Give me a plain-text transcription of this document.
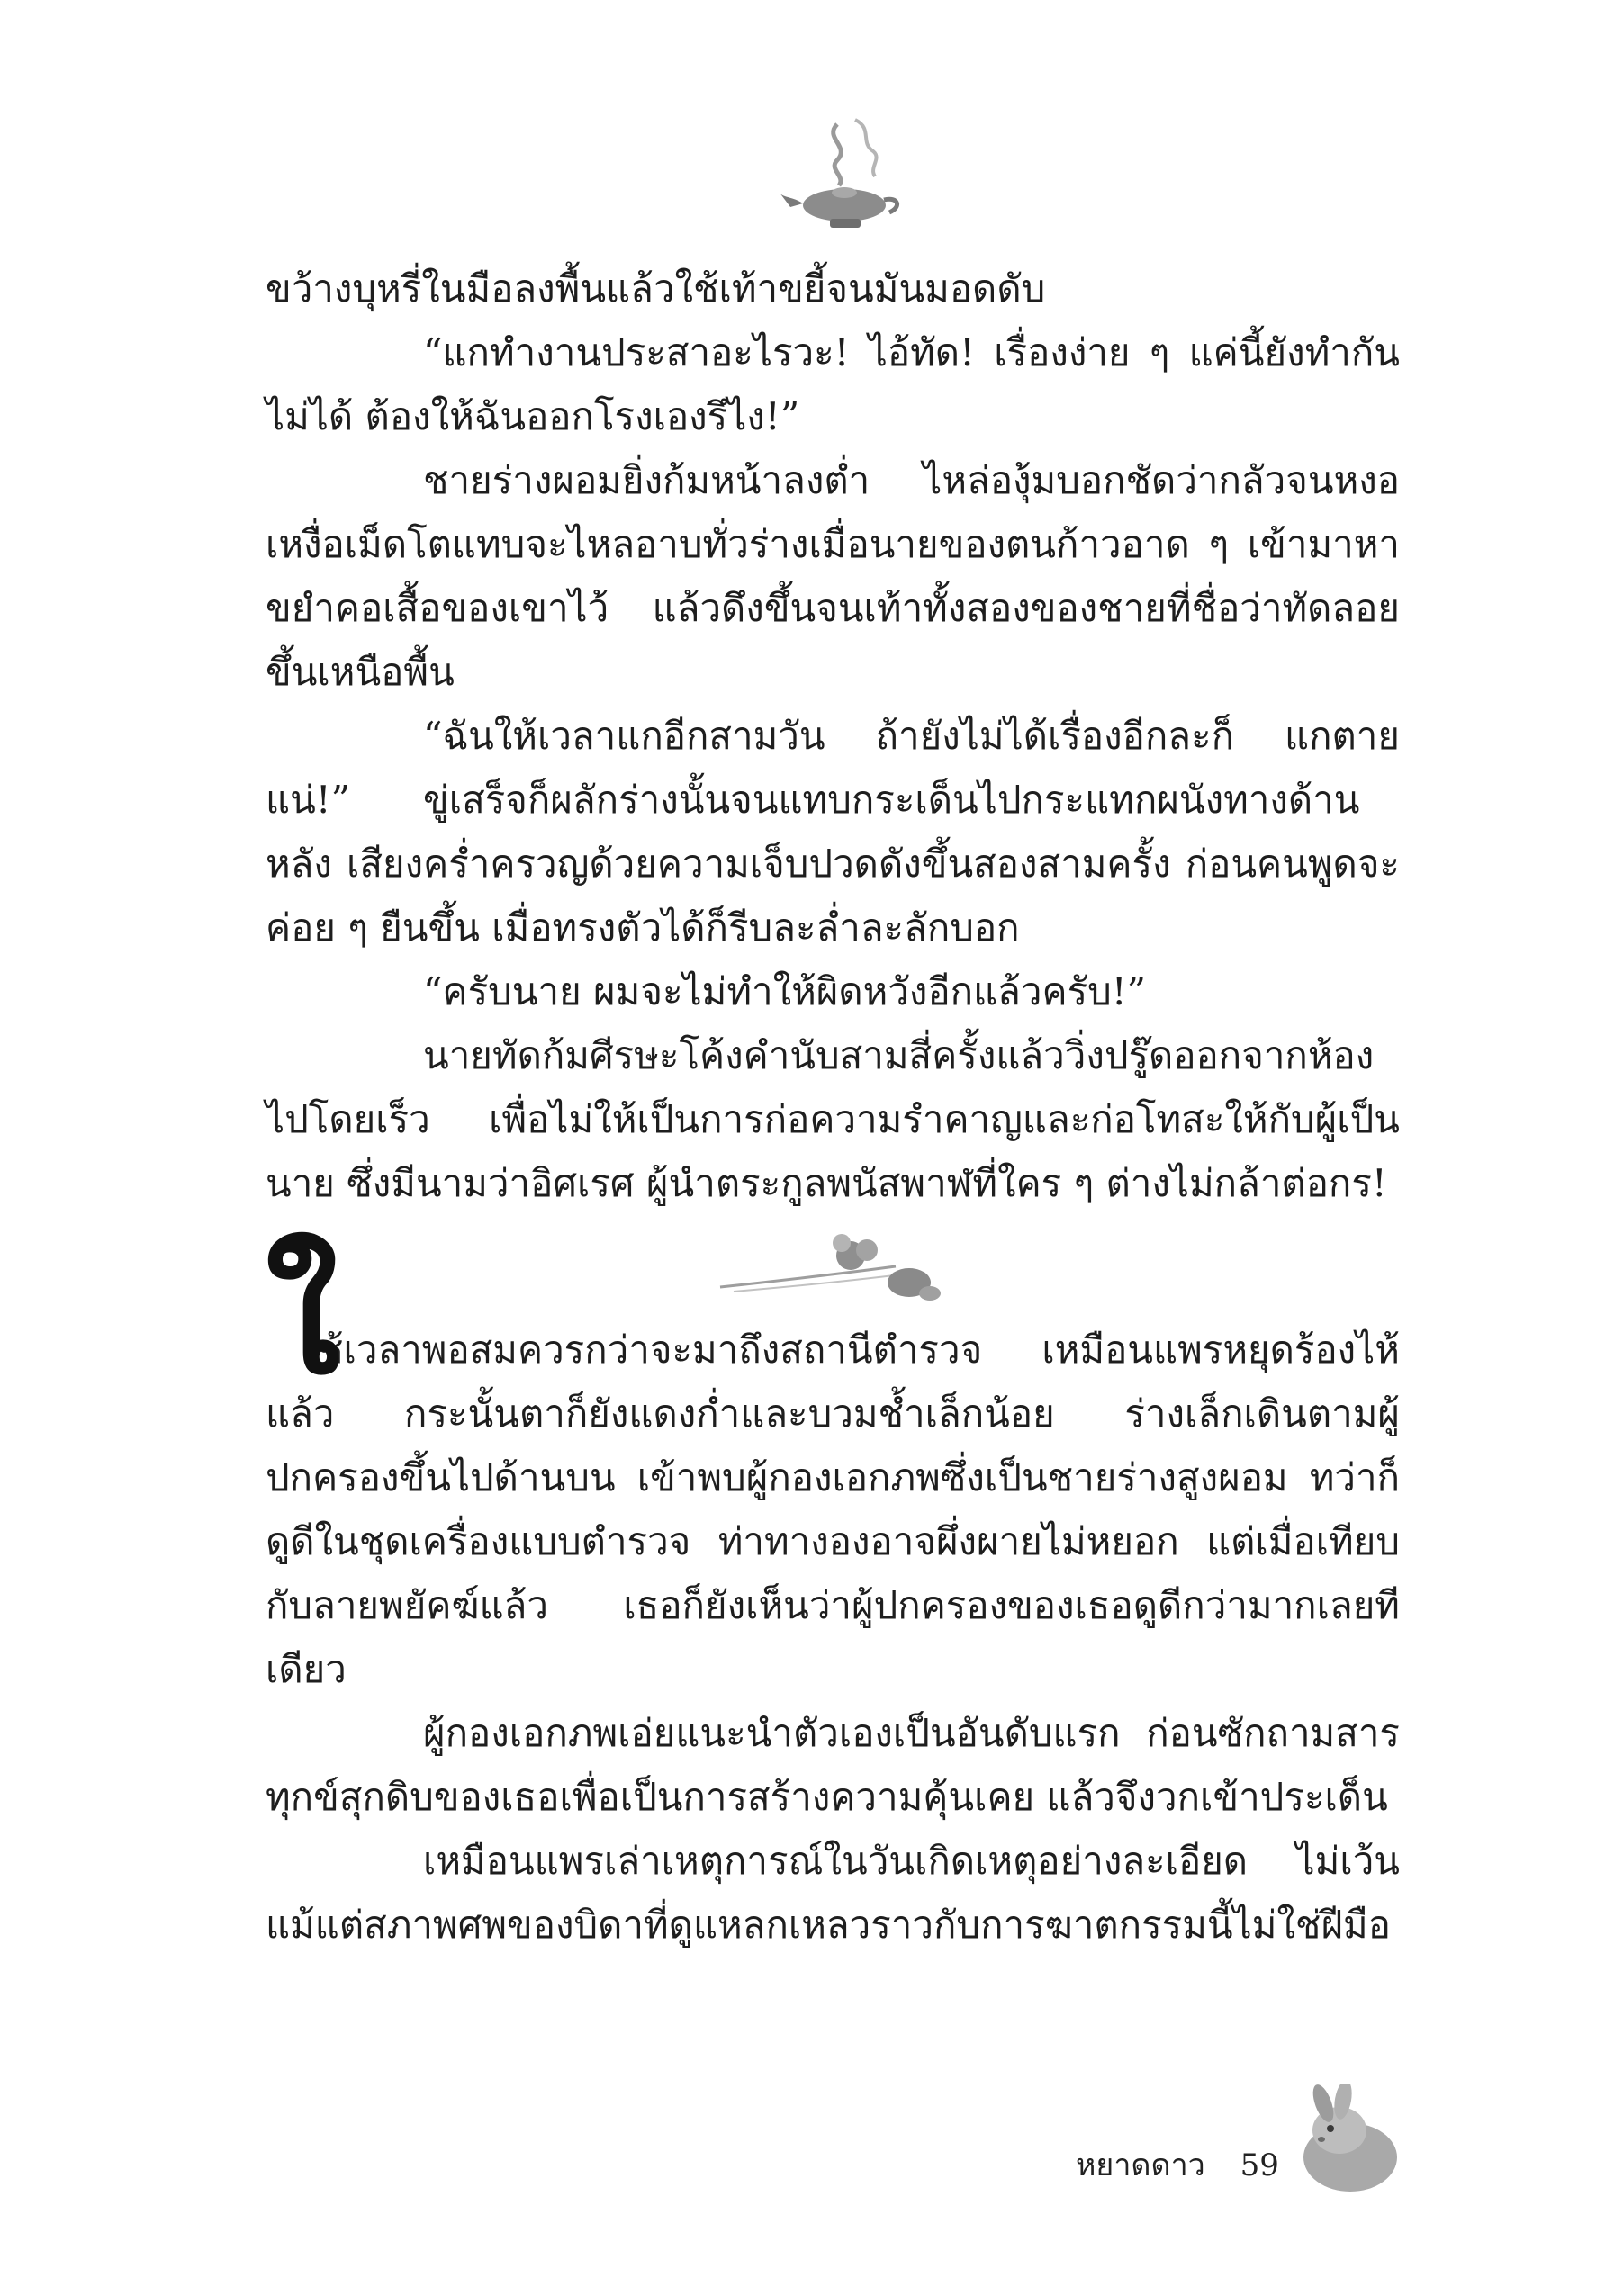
ขว้างบุหรี่ในมือลงพื้นแล้วใช้เท้าขยี้จนมันมอดดับ

“แกทำงานประสาอะไรวะ! ไอ้ทัด! เรื่องง่าย ๆ แค่นี้ยังทำกันไม่ได้ ต้องให้ฉันออกโรงเองรึไง!”

ชายร่างผอมยิ่งก้มหน้าลงต่ำ ไหล่องุ้มบอกชัดว่ากลัวจนหงอ เหงื่อเม็ดโตแทบจะไหลอาบทั่วร่างเมื่อนายของตนก้าวอาด ๆ เข้ามาหา ขยำคอเสื้อของเขาไว้ แล้วดึงขึ้นจนเท้าทั้งสองของชายที่ชื่อว่าทัดลอยขึ้นเหนือพื้น

“ฉันให้เวลาแกอีกสามวัน ถ้ายังไม่ได้เรื่องอีกละก็ แกตายแน่!”	ขู่เสร็จก็ผลักร่างนั้นจนแทบกระเด็นไปกระแทกผนังทางด้านหลัง เสียงคร่ำครวญด้วยความเจ็บปวดดังขึ้นสองสามครั้ง ก่อนคนพูดจะค่อย ๆ ยืนขึ้น เมื่อทรงตัวได้ก็รีบละล่ำละลักบอก

“ครับนาย ผมจะไม่ทำให้ผิดหวังอีกแล้วครับ!”

นายทัดก้มศีรษะโค้งคำนับสามสี่ครั้งแล้ววิ่งปรู๊ดออกจากห้องไปโดยเร็ว เพื่อไม่ให้เป็นการก่อความรำคาญและก่อโทสะให้กับผู้เป็นนาย ซึ่งมีนามว่าอิศเรศ ผู้นำตระกูลพนัสพาฬที่ใคร ๆ ต่างไม่กล้าต่อกร!

ใ

ช้เวลาพอสมควรกว่าจะมาถึงสถานีตำรวจ เหมือนแพรหยุดร้องไห้แล้ว กระนั้นตาก็ยังแดงก่ำและบวมช้ำเล็กน้อย ร่างเล็กเดินตามผู้ปกครองขึ้นไปด้านบน เข้าพบผู้กองเอกภพซึ่งเป็นชายร่างสูงผอม ทว่าก็ดูดีในชุดเครื่องแบบตำรวจ ท่าทางองอาจผึ่งผายไม่หยอก แต่เมื่อเทียบกับลายพยัคฆ์แล้ว เธอก็ยังเห็นว่าผู้ปกครองของเธอดูดีกว่ามากเลยทีเดียว

ผู้กองเอกภพเอ่ยแนะนำตัวเองเป็นอันดับแรก ก่อนซักถามสารทุกข์สุกดิบของเธอเพื่อเป็นการสร้างความคุ้นเคย แล้วจึงวกเข้าประเด็น

เหมือนแพรเล่าเหตุการณ์ในวันเกิดเหตุอย่างละเอียด ไม่เว้นแม้แต่สภาพศพของบิดาที่ดูแหลกเหลวราวกับการฆาตกรรมนี้ไม่ใช่ฝีมือ

หยาดดาว 59
